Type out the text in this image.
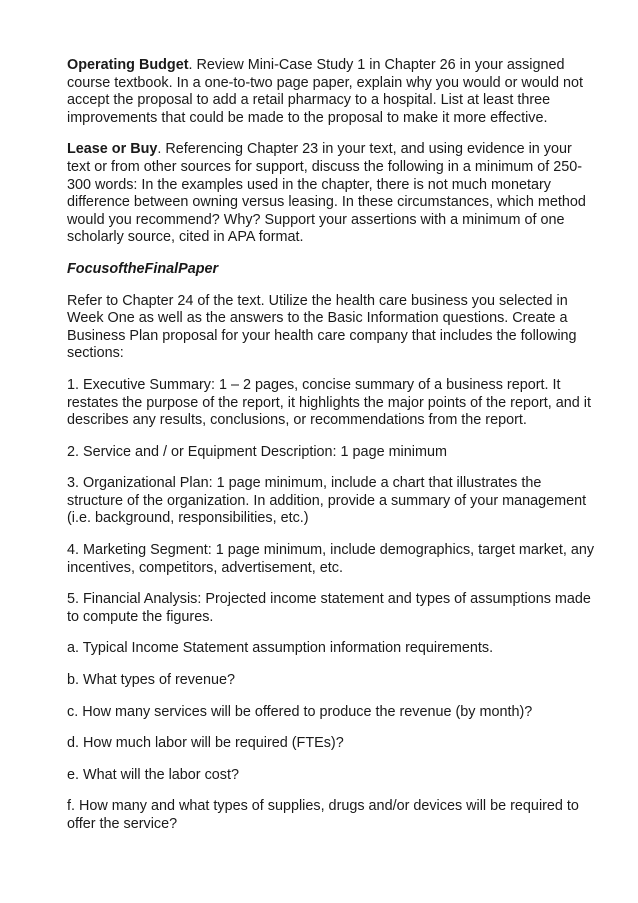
Operating Budget. Review Mini-Case Study 1 in Chapter 26 in your assigned course textbook. In a one-to-two page paper, explain why you would or would not accept the proposal to add a retail pharmacy to a hospital. List at least three improvements that could be made to the proposal to make it more effective.

Lease or Buy. Referencing Chapter 23 in your text, and using evidence in your text or from other sources for support, discuss the following in a minimum of 250-300 words: In the examples used in the chapter, there is not much monetary difference between owning versus leasing. In these circumstances, which method would you recommend? Why? Support your assertions with a minimum of one scholarly source, cited in APA format.

FocusoftheFinalPaper

Refer to Chapter 24 of the text. Utilize the health care business you selected in Week One as well as the answers to the Basic Information questions. Create a Business Plan proposal for your health care company that includes the following sections:

1. Executive Summary: 1 – 2 pages, concise summary of a business report. It restates the purpose of the report, it highlights the major points of the report, and it describes any results, conclusions, or recommendations from the report.

2. Service and / or Equipment Description: 1 page minimum

3. Organizational Plan: 1 page minimum, include a chart that illustrates the structure of the organization. In addition, provide a summary of your management (i.e. background, responsibilities, etc.)

4. Marketing Segment: 1 page minimum, include demographics, target market, any incentives, competitors, advertisement, etc.

5. Financial Analysis: Projected income statement and types of assumptions made to compute the figures.

a. Typical Income Statement assumption information requirements.

b. What types of revenue?

c. How many services will be offered to produce the revenue (by month)?

d. How much labor will be required (FTEs)?

e. What will the labor cost?

f. How many and what types of supplies, drugs and/or devices will be required to offer the service?
